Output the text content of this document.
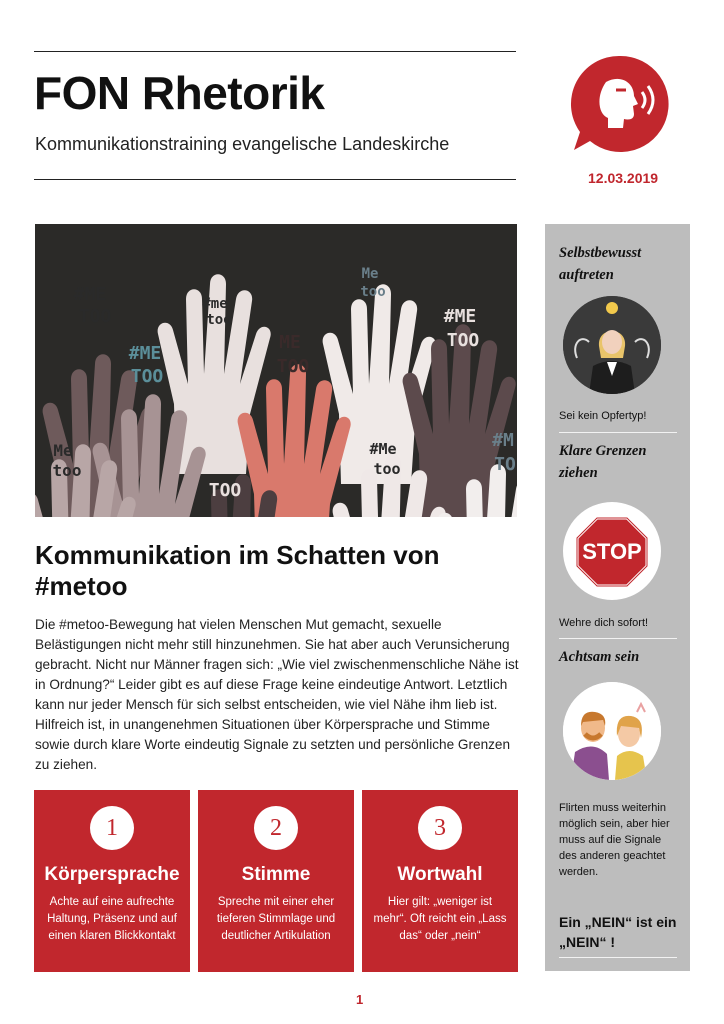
FON Rhetorik
Kommunikationstraining evangelische Landeskirche
12.03.2019
#ME
TOO
#me
too
ME
TOO
#ME
TOO
Me
too
#ME
TOO
Me
too	ME
TOO
#Me
too
#M
TO
Kommunikation im Schatten von #metoo

Die #metoo-Bewegung hat vielen Menschen Mut gemacht, sexuelle Belästigungen nicht mehr still hinzunehmen. Sie hat aber auch Verunsicherung gebracht. Nicht nur Männer fragen sich: „Wie viel zwischenmenschliche Nähe ist in Ordnung?“ Leider gibt es auf diese Frage keine eindeutige Antwort. Letztlich kann nur jeder Mensch für sich selbst entscheiden, wie viel Nähe ihm lieb ist. Hilfreich ist, in unangenehmen Situationen über Körpersprache und Stimme sowie durch klare Worte eindeutig Signale zu setzten und persönliche Grenzen zu ziehen.

1
Körpersprache
Achte auf eine aufrechte Haltung, Präsenz und auf einen klaren Blickkontakt
2
Stimme
Spreche mit einer eher tieferen Stimmlage und deutlicher Artikulation
3
Wortwahl
Hier gilt: „weniger ist mehr“. Oft reicht ein „Lass das“ oder „nein“
1
Selbstbewusst auftreten
Sei kein Opfertyp!
Klare Grenzen ziehen
STOP
Wehre dich sofort!
Achtsam sein
Flirten muss weiterhin möglich sein, aber hier muss auf die Signale des anderen geachtet werden.
Ein „NEIN“ ist ein „NEIN“ !
